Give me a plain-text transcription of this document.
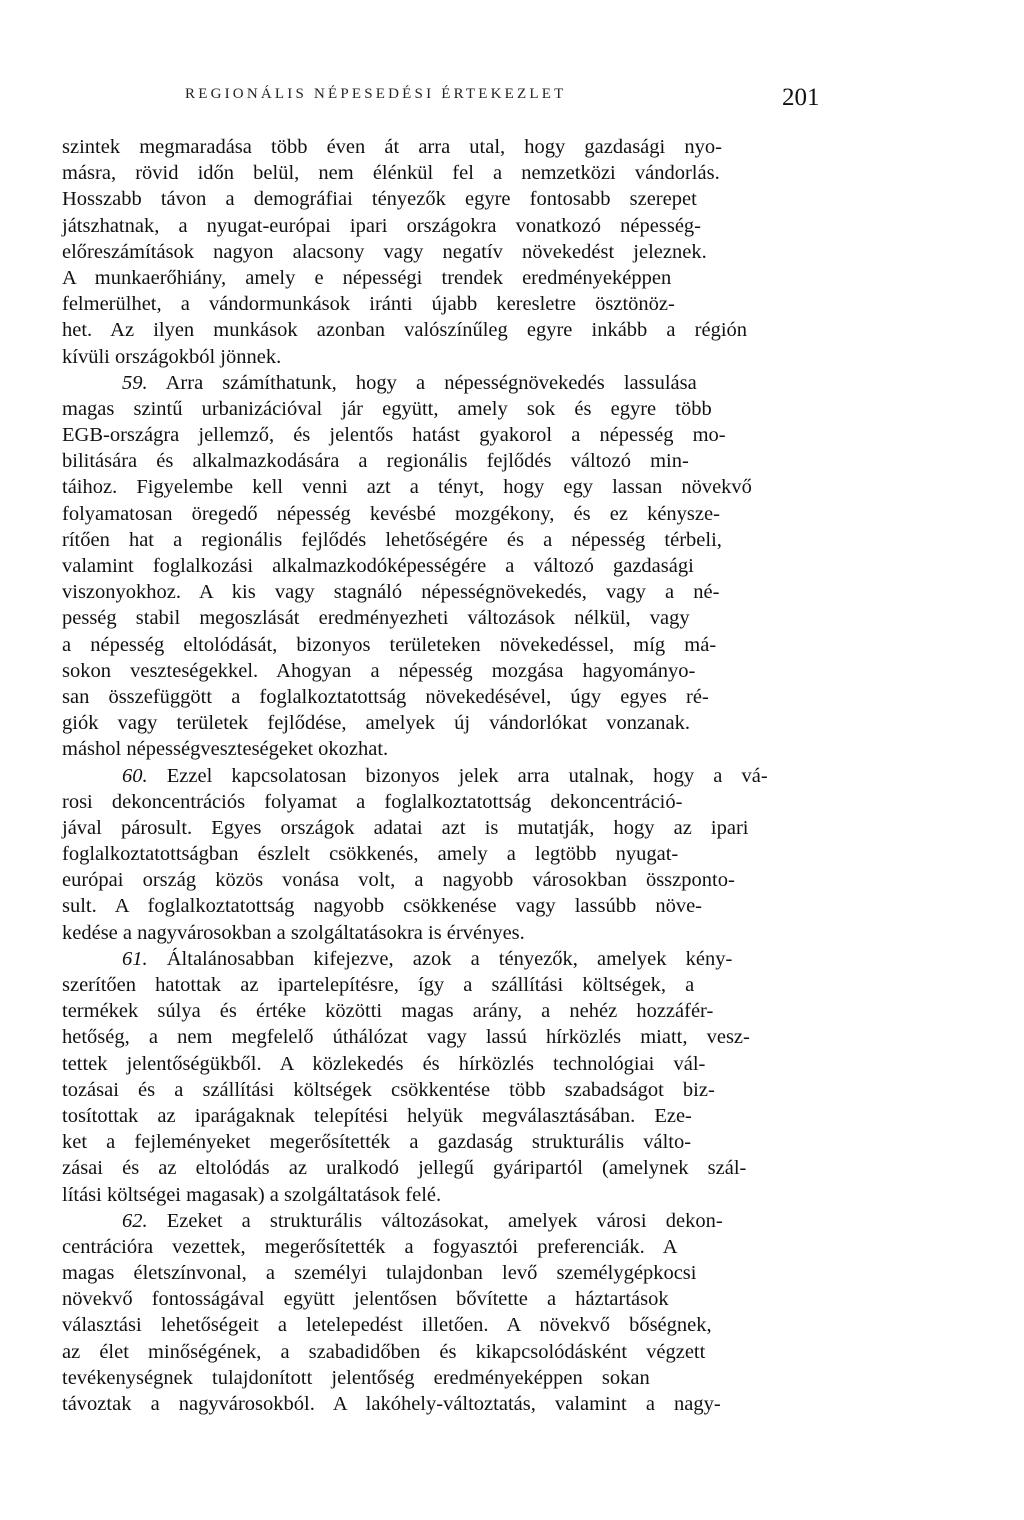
REGIONÁLIS NÉPESEDÉSI ÉRTEKEZLET	201
szintek megmaradása több éven át arra utal, hogy gazdasági nyo-
másra, rövid időn belül, nem élénkül fel a nemzetközi vándorlás.
Hosszabb távon a demográfiai tényezők egyre fontosabb szerepet
játszhatnak, a nyugat-európai ipari országokra vonatkozó népesség-
előreszámítások nagyon alacsony vagy negatív növekedést jeleznek.
A munkaerőhiány, amely e népességi trendek eredményeképpen
felmerülhet, a vándormunkások iránti újabb keresletre ösztönöz-
het. Az ilyen munkások azonban valószínűleg egyre inkább a régión
kívüli országokból jönnek.
59. Arra számíthatunk, hogy a népességnövekedés lassulása
magas szintű urbanizációval jár együtt, amely sok és egyre több
EGB-országra jellemző, és jelentős hatást gyakorol a népesség mo-
bilitására és alkalmazkodására a regionális fejlődés változó min-
táihoz. Figyelembe kell venni azt a tényt, hogy egy lassan növekvő
folyamatosan öregedő népesség kevésbé mozgékony, és ez kénysze-
rítően hat a regionális fejlődés lehetőségére és a népesség térbeli,
valamint foglalkozási alkalmazkodóképességére a változó gazdasági
viszonyokhoz. A kis vagy stagnáló népességnövekedés, vagy a né-
pesség stabil megoszlását eredményezheti változások nélkül, vagy
a népesség eltolódását, bizonyos területeken növekedéssel, míg má-
sokon veszteségekkel. Ahogyan a népesség mozgása hagyományo-
san összefüggött a foglalkoztatottság növekedésével, úgy egyes ré-
giók vagy területek fejlődése, amelyek új vándorlókat vonzanak.
máshol népességveszteségeket okozhat.
60. Ezzel kapcsolatosan bizonyos jelek arra utalnak, hogy a vá-
rosi dekoncentrációs folyamat a foglalkoztatottság dekoncentráció-
jával párosult. Egyes országok adatai azt is mutatják, hogy az ipari
foglalkoztatottságban észlelt csökkenés, amely a legtöbb nyugat-
európai ország közös vonása volt, a nagyobb városokban összponto-
sult. A foglalkoztatottság nagyobb csökkenése vagy lassúbb növe-
kedése a nagyvárosokban a szolgáltatásokra is érvényes.
61. Általánosabban kifejezve, azok a tényezők, amelyek kény-
szerítően hatottak az ipartelepítésre, így a szállítási költségek, a
termékek súlya és értéke közötti magas arány, a nehéz hozzáfér-
hetőség, a nem megfelelő úthálózat vagy lassú hírközlés miatt, vesz-
tettek jelentőségükből. A közlekedés és hírközlés technológiai vál-
tozásai és a szállítási költségek csökkentése több szabadságot biz-
tosítottak az iparágaknak telepítési helyük megválasztásában. Eze-
ket a fejleményeket megerősítették a gazdaság strukturális válto-
zásai és az eltolódás az uralkodó jellegű gyáripartól (amelynek szál-
lítási költségei magasak) a szolgáltatások felé.
62. Ezeket a strukturális változásokat, amelyek városi dekon-
centrációra vezettek, megerősítették a fogyasztói preferenciák. A
magas életszínvonal, a személyi tulajdonban levő személygépkocsi
növekvő fontosságával együtt jelentősen bővítette a háztartások
választási lehetőségeit a letelepedést illetően. A növekvő bőségnek,
az élet minőségének, a szabadidőben és kikapcsolódásként végzett
tevékenységnek tulajdonított jelentőség eredményeképpen sokan
távoztak a nagyvárosokból. A lakóhely-változtatás, valamint a nagy-
